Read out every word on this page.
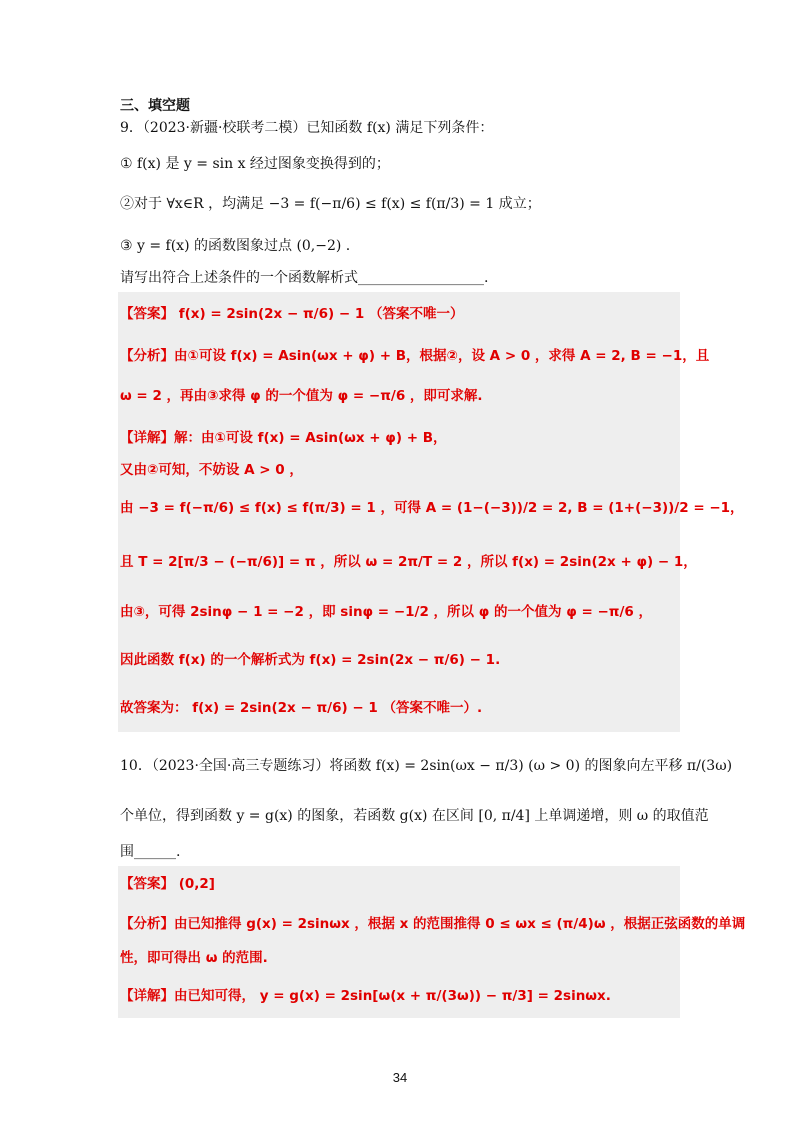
三、填空题
9．（2023·新疆·校联考二模）已知函数 f(x) 满足下列条件：
① f(x) 是 y = sin x 经过图象变换得到的；
②对于 ∀x∈R ，均满足 −3 = f(−π/6) ≤ f(x) ≤ f(π/3) = 1 成立；
③ y = f(x) 的函数图象过点 (0,−2) .
请写出符合上述条件的一个函数解析式__________________.
【答案】 f(x) = 2sin(2x − π/6) − 1 （答案不唯一）
【分析】由①可设 f(x) = Asin(ωx + φ) + B，根据②，设 A > 0 ，求得 A = 2, B = −1，且
ω = 2 ，再由③求得 φ 的一个值为 φ = −π/6 ，即可求解.
【详解】解：由①可设 f(x) = Asin(ωx + φ) + B，
又由②可知，不妨设 A > 0 ，
由 −3 = f(−π/6) ≤ f(x) ≤ f(π/3) = 1 ，可得 A = (1−(−3))/2 = 2, B = (1+(−3))/2 = −1，
且 T = 2[π/3 − (−π/6)] = π ，所以 ω = 2π/T = 2 ，所以 f(x) = 2sin(2x + φ) − 1，
由③，可得 2sinφ − 1 = −2 ，即 sinφ = −1/2 ，所以 φ 的一个值为 φ = −π/6 ，
因此函数 f(x) 的一个解析式为 f(x) = 2sin(2x − π/6) − 1.
故答案为： f(x) = 2sin(2x − π/6) − 1 （答案不唯一）.
10．（2023·全国·高三专题练习）将函数 f(x) = 2sin(ωx − π/3) (ω > 0) 的图象向左平移 π/(3ω)
个单位，得到函数 y = g(x) 的图象，若函数 g(x) 在区间 [0, π/4] 上单调递增，则 ω 的取值范
围______.
【答案】 (0,2]
【分析】由已知推得 g(x) = 2sinωx ，根据 x 的范围推得 0 ≤ ωx ≤ (π/4)ω ，根据正弦函数的单调
性，即可得出 ω 的范围.
【详解】由已知可得， y = g(x) = 2sin[ω(x + π/(3ω)) − π/3] = 2sinωx.
34
